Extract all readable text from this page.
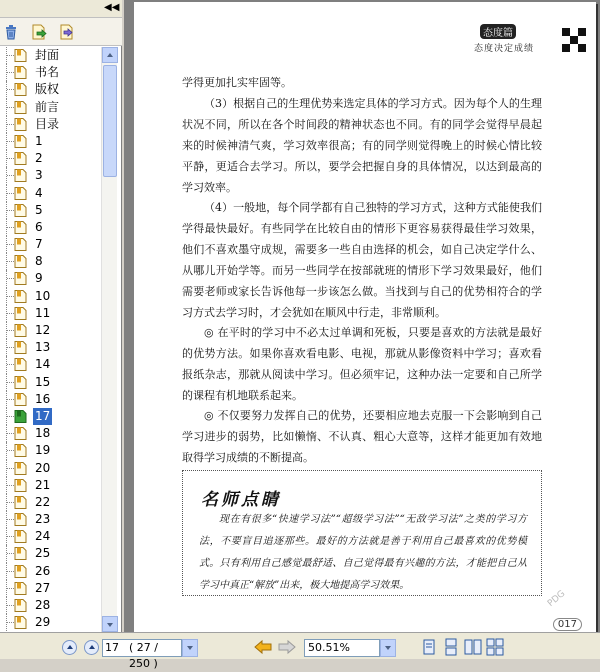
◀◀
封面
书名
版权
前言
目录
1
2
3
4
5
6
7
8
9
10
11
12
13
14
15
16
17
18
19
20
21
22
23
24
25
26
27
28
29
态度篇
态度决定成绩
学得更加扎实牢固等。
（3）根据自己的生理优势来选定具体的学习方式。因为每个人的生理状况不同，所以在各个时间段的精神状态也不同。有的同学会觉得早晨起来的时候神清气爽，学习效率很高；有的同学则觉得晚上的时候心情比较平静，更适合去学习。所以，要学会把握自身的具体情况，以达到最高的学习效率。
（4）一般地，每个同学都有自己独特的学习方式，这种方式能使我们学得最快最好。有些同学在比较自由的情形下更容易获得最佳学习效果，他们不喜欢墨守成规，需要多一些自由选择的机会，如自己决定学什么、从哪儿开始学等。而另一些同学在按部就班的情形下学习效果最好，他们需要老师或家长告诉他每一步该怎么做。当找到与自己的优势相符合的学习方式去学习时，才会犹如在顺风中行走，非常顺利。
◎ 在平时的学习中不必太过单调和死板，只要是喜欢的方法就是最好的优势方法。如果你喜欢看电影、电视，那就从影像资料中学习；喜欢看报纸杂志，那就从阅读中学习。但必须牢记，这种办法一定要和自己所学的课程有机地联系起来。
◎ 不仅要努力发挥自己的优势，还要相应地去克服一下会影响到自己学习进步的弱势，比如懒惰、不认真、粗心大意等，这样才能更加有效地取得学习成绩的不断提高。
名师点睛
现在有很多“快速学习法”“超级学习法”“无敌学习法”之类的学习方法，不要盲目追逐那些。最好的方法就是善于利用自己最喜欢的优势模式。只有利用自己感觉最舒适、自己觉得最有兴趣的方法，才能把自己从学习中真正“解放”出来，极大地提高学习效果。
PDG
017
17 ( 27 / 250 )
50.51%
